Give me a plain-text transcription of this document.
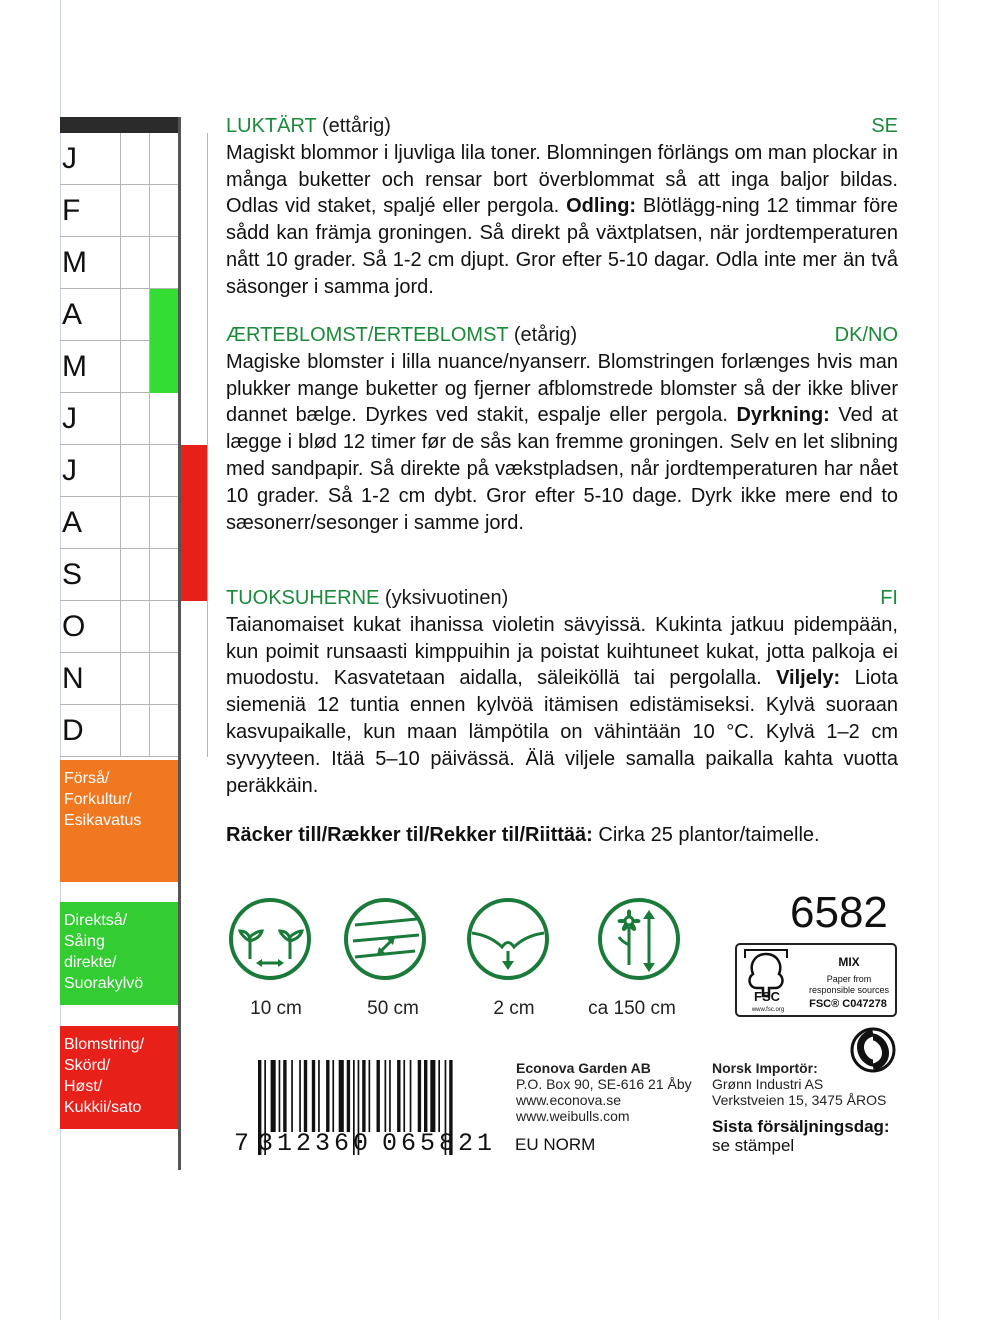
J
F
M
A
M
J
J
A
S
O
N
D
Förså/
Forkultur/
Esikavatus
Direktså/
Såing
direkte/
Suorakylvö
Blomstring/
Skörd/
Høst/
Kukkii/sato
LUKTÄRT (ettårig)	SE
Magiskt blommor i ljuvliga lila toner. Blomningen förlängs om man plockar in många buketter och rensar bort överblommat så att inga baljor bildas. Odlas vid staket, spaljé eller pergola. Odling: Blötlägg-ning 12 timmar före sådd kan främja groningen. Så direkt på växtplatsen, när jordtemperaturen nått 10 grader. Så 1-2 cm djupt. Gror efter 5-10 dagar. Odla inte mer än två säsonger i samma jord.
ÆRTEBLOMST/ERTEBLOMST (etårig)	DK/NO
Magiske blomster i lilla nuance/nyanserr. Blomstringen forlænges hvis man plukker mange buketter og fjerner afblomstrede blomster så der ikke bliver dannet bælge. Dyrkes ved stakit, espalje eller pergola. Dyrkning: Ved at lægge i blød 12 timer før de sås kan fremme groningen. Selv en let slibning med sandpapir. Så direkte på vækstpladsen, når jordtemperaturen har nået 10 grader. Så 1-2 cm dybt. Gror efter 5-10 dage. Dyrk ikke mere end to sæsonerr/sesonger i samme jord.
TUOKSUHERNE (yksivuotinen)	FI
Taianomaiset kukat ihanissa violetin sävyissä. Kukinta jatkuu pidempään, kun poimit runsaasti kimppuihin ja poistat kuihtuneet kukat, jotta palkoja ei muodostu. Kasvatetaan aidalla, säleiköllä tai pergolalla. Viljely: Liota siemeniä 12 tuntia ennen kylvöä itämisen edistämiseksi. Kylvä suoraan kasvupaikalle, kun maan lämpötila on vähintään 10 °C. Kylvä 1–2 cm syvyyteen. Itää 5–10 päivässä. Älä viljele samalla paikalla kahta vuotta peräkkäin.
Räcker till/Rækker til/Rekker til/Riittää: Cirka 25 plantor/taimelle.
6582
10 cm	50 cm	2 cm	ca 150 cm
FSC
www.fsc.org
MIX
Paper from responsible sources
FSC® C047278
7 312360 065821
Econova Garden AB
P.O. Box 90, SE-616 21 Åby
www.econova.se
www.weibulls.com
EU NORM
Norsk Importör:
Grønn Industri AS
Verkstveien 15, 3475 ÅROS
Sista försäljningsdag:
se stämpel
